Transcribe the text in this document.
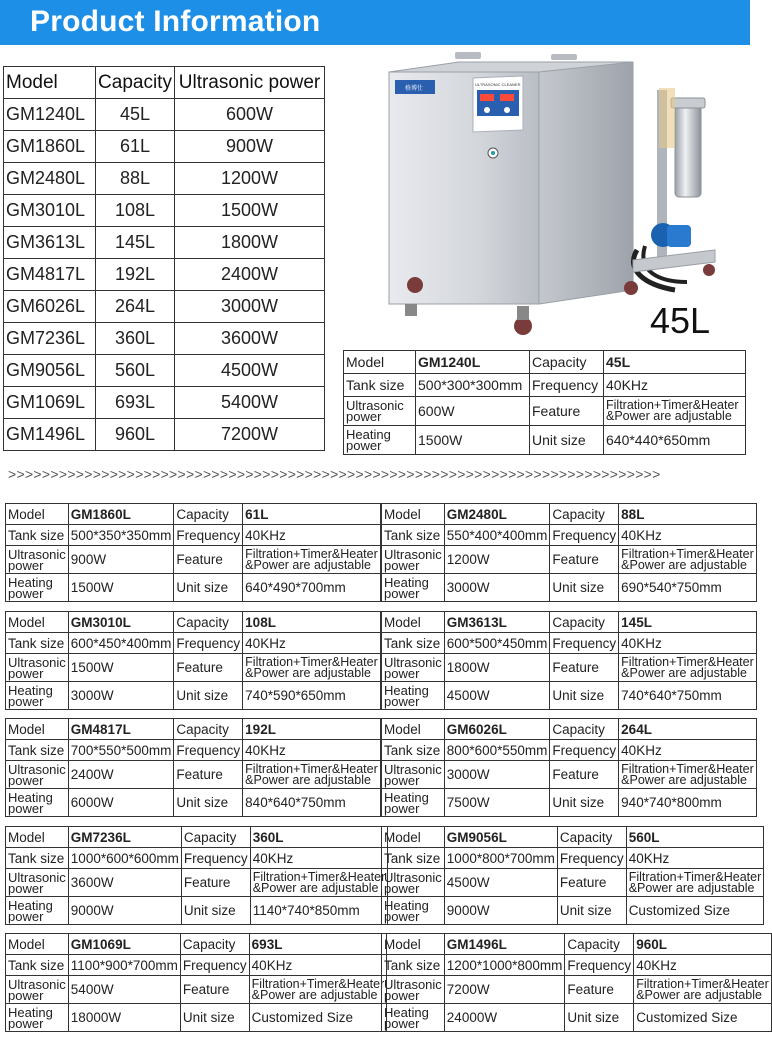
Product Information
Model	Capacity	Ultrasonic power
GM1240L	45L	600W
GM1860L	61L	900W
GM2480L	88L	1200W
GM3010L	108L	1500W
GM3613L	145L	1800W
GM4817L	192L	2400W
GM6026L	264L	3000W
GM7236L	360L	3600W
GM9056L	560L	4500W
GM1069L	693L	5400W
GM1496L	960L	7200W
ULTRASONIC CLEANER
格博仕
45L
Model	GM1240L	Capacity	45L
Tank size	500*300*300mm	Frequency	40KHz
Ultrasonic power	600W	Feature	Filtration+Timer&Heater &Power are adjustable
Heating power	1500W	Unit size	640*440*650mm
>>>>>>>>>>>>>>>>>>>>>>>>>>>>>>>>>>>>>>>>>>>>>>>>>>>>>>>>>>>>>>>>>>>>>>>>>>>>>
Model	GM1860L	Capacity	61L
Tank size	500*350*350mm	Frequency	40KHz
Ultrasonic power	900W	Feature	Filtration+Timer&Heater &Power are adjustable
Heating power	1500W	Unit size	640*490*700mm
Model	GM2480L	Capacity	88L
Tank size	550*400*400mm	Frequency	40KHz
Ultrasonic power	1200W	Feature	Filtration+Timer&Heater &Power are adjustable
Heating power	3000W	Unit size	690*540*750mm
Model	GM3010L	Capacity	108L
Tank size	600*450*400mm	Frequency	40KHz
Ultrasonic power	1500W	Feature	Filtration+Timer&Heater &Power are adjustable
Heating power	3000W	Unit size	740*590*650mm
Model	GM3613L	Capacity	145L
Tank size	600*500*450mm	Frequency	40KHz
Ultrasonic power	1800W	Feature	Filtration+Timer&Heater &Power are adjustable
Heating power	4500W	Unit size	740*640*750mm
Model	GM4817L	Capacity	192L
Tank size	700*550*500mm	Frequency	40KHz
Ultrasonic power	2400W	Feature	Filtration+Timer&Heater &Power are adjustable
Heating power	6000W	Unit size	840*640*750mm
Model	GM6026L	Capacity	264L
Tank size	800*600*550mm	Frequency	40KHz
Ultrasonic power	3000W	Feature	Filtration+Timer&Heater &Power are adjustable
Heating power	7500W	Unit size	940*740*800mm
Model	GM7236L	Capacity	360L
Tank size	1000*600*600mm	Frequency	40KHz
Ultrasonic power	3600W	Feature	Filtration+Timer&Heater &Power are adjustable
Heating power	9000W	Unit size	1140*740*850mm
Model	GM9056L	Capacity	560L
Tank size	1000*800*700mm	Frequency	40KHz
Ultrasonic power	4500W	Feature	Filtration+Timer&Heater &Power are adjustable
Heating power	9000W	Unit size	Customized Size
Model	GM1069L	Capacity	693L
Tank size	1100*900*700mm	Frequency	40KHz
Ultrasonic power	5400W	Feature	Filtration+Timer&Heater &Power are adjustable
Heating power	18000W	Unit size	Customized Size
Model	GM1496L	Capacity	960L
Tank size	1200*1000*800mm	Frequency	40KHz
Ultrasonic power	7200W	Feature	Filtration+Timer&Heater &Power are adjustable
Heating power	24000W	Unit size	Customized Size
